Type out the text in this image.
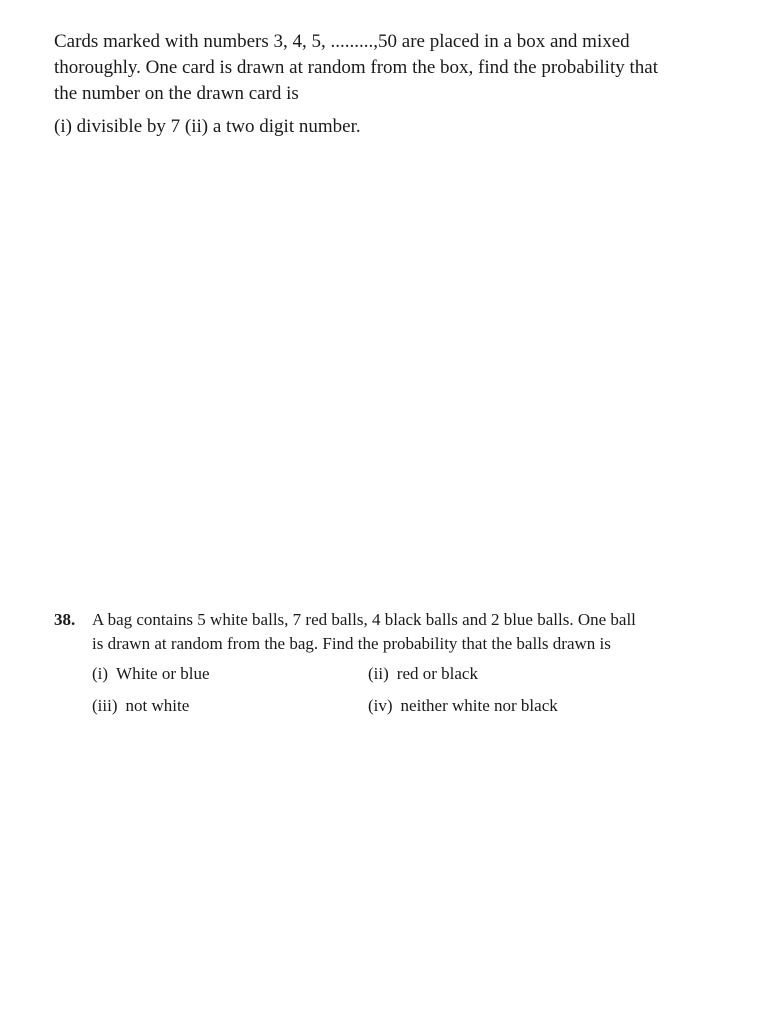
Cards marked with numbers 3, 4, 5, .........,50 are placed in a box and mixed

thoroughly. One card is drawn at random from the box, find the probability that

the number on the drawn card is

(i) divisible by 7 (ii) a two digit number.

38. A bag contains 5 white balls, 7 red balls, 4 black balls and 2 blue balls. One ball
is drawn at random from the bag. Find the probability that the balls drawn is
(i) White or blue	(ii) red or black
(iii) not white	(iv) neither white nor black
